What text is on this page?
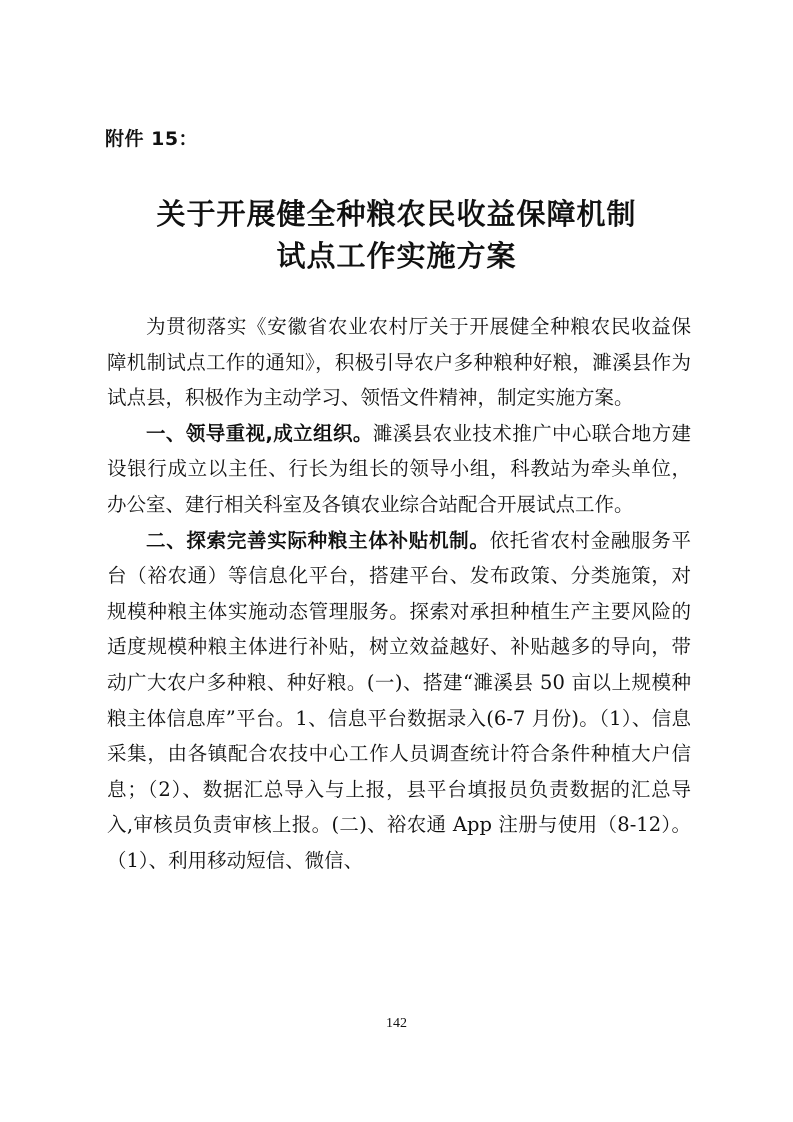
附件 15：
关于开展健全种粮农民收益保障机制
试点工作实施方案

为贯彻落实《安徽省农业农村厅关于开展健全种粮农民收益保障机制试点工作的通知》，积极引导农户多种粮种好粮，濉溪县作为试点县，积极作为主动学习、领悟文件精神，制定实施方案。

一、领导重视,成立组织。濉溪县农业技术推广中心联合地方建设银行成立以主任、行长为组长的领导小组，科教站为牵头单位，办公室、建行相关科室及各镇农业综合站配合开展试点工作。

二、探索完善实际种粮主体补贴机制。依托省农村金融服务平台（裕农通）等信息化平台，搭建平台、发布政策、分类施策，对规模种粮主体实施动态管理服务。探索对承担种植生产主要风险的适度规模种粮主体进行补贴，树立效益越好、补贴越多的导向，带动广大农户多种粮、种好粮。(一)、搭建“濉溪县 50 亩以上规模种粮主体信息库”平台。1、信息平台数据录入(6-7 月份)。（1）、信息采集，由各镇配合农技中心工作人员调查统计符合条件种植大户信息；（2）、数据汇总导入与上报，县平台填报员负责数据的汇总导入,审核员负责审核上报。(二)、裕农通 App 注册与使用（8-12）。（1）、利用移动短信、微信、

142
